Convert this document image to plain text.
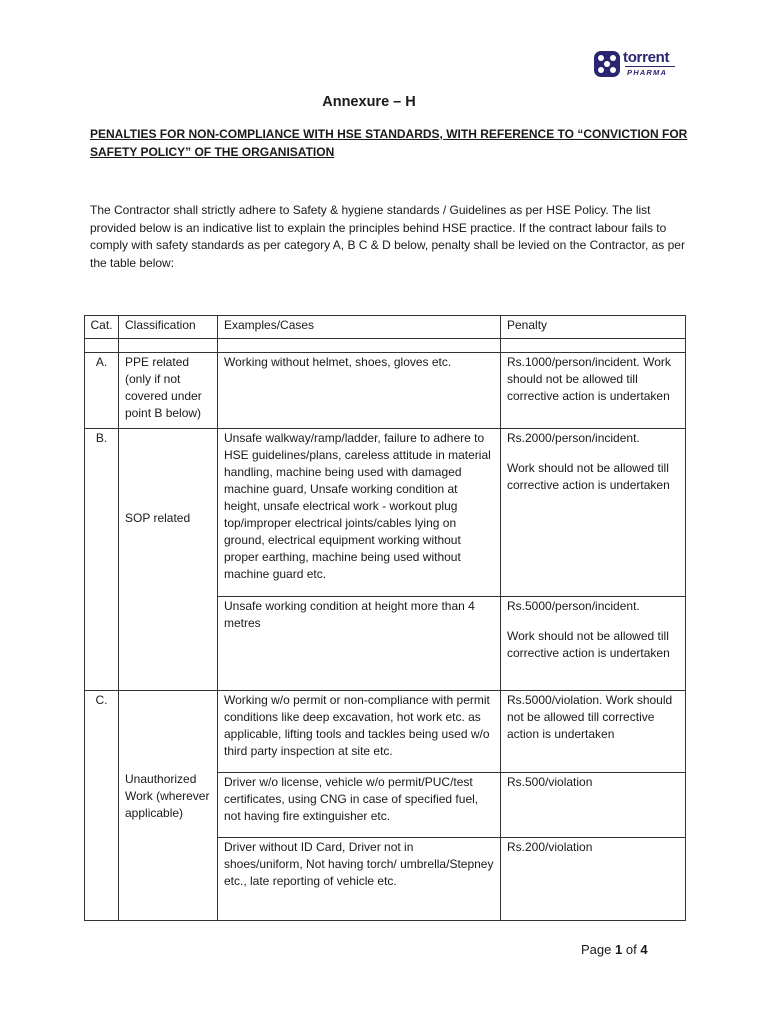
torrent
PHARMA
Annexure – H
PENALTIES FOR NON-COMPLIANCE WITH HSE STANDARDS, WITH REFERENCE TO “CONVICTION FOR SAFETY POLICY” OF THE ORGANISATION
The Contractor shall strictly adhere to Safety & hygiene standards / Guidelines as per HSE Policy. The list provided below is an indicative list to explain the principles behind HSE practice. If the contract labour fails to comply with safety standards as per category A, B C & D below, penalty shall be levied on the Contractor, as per the table below:
Cat.	Classification	Examples/Cases	Penalty

A.	PPE related (only if not covered under point B below)	Working without helmet, shoes, gloves etc.	Rs.1000/person/incident. Work should not be allowed till corrective action is undertaken
B.	SOP related	Unsafe walkway/ramp/ladder, failure to adhere to HSE guidelines/plans, careless attitude in material handling, machine being used with damaged machine guard, Unsafe working condition at height, unsafe electrical work - workout plug top/improper electrical joints/cables lying on ground, electrical equipment working without proper earthing, machine being used without machine guard etc.	Rs.2000/person/incident.
Work should not be allowed till corrective action is undertaken
		Unsafe working condition at height more than 4 metres	Rs.5000/person/incident.
Work should not be allowed till corrective action is undertaken
C.	Unauthorized Work (wherever applicable)	Working w/o permit or non-compliance with permit conditions like deep excavation, hot work etc. as applicable, lifting tools and tackles being used w/o third party inspection at site etc.	Rs.5000/violation. Work should not be allowed till corrective action is undertaken
		Driver w/o license, vehicle w/o permit/PUC/test certificates, using CNG in case of specified fuel, not having fire extinguisher etc.	Rs.500/violation
		Driver without ID Card, Driver not in shoes/uniform, Not having torch/ umbrella/Stepney etc., late reporting of vehicle etc.	Rs.200/violation
Page 1 of 4
